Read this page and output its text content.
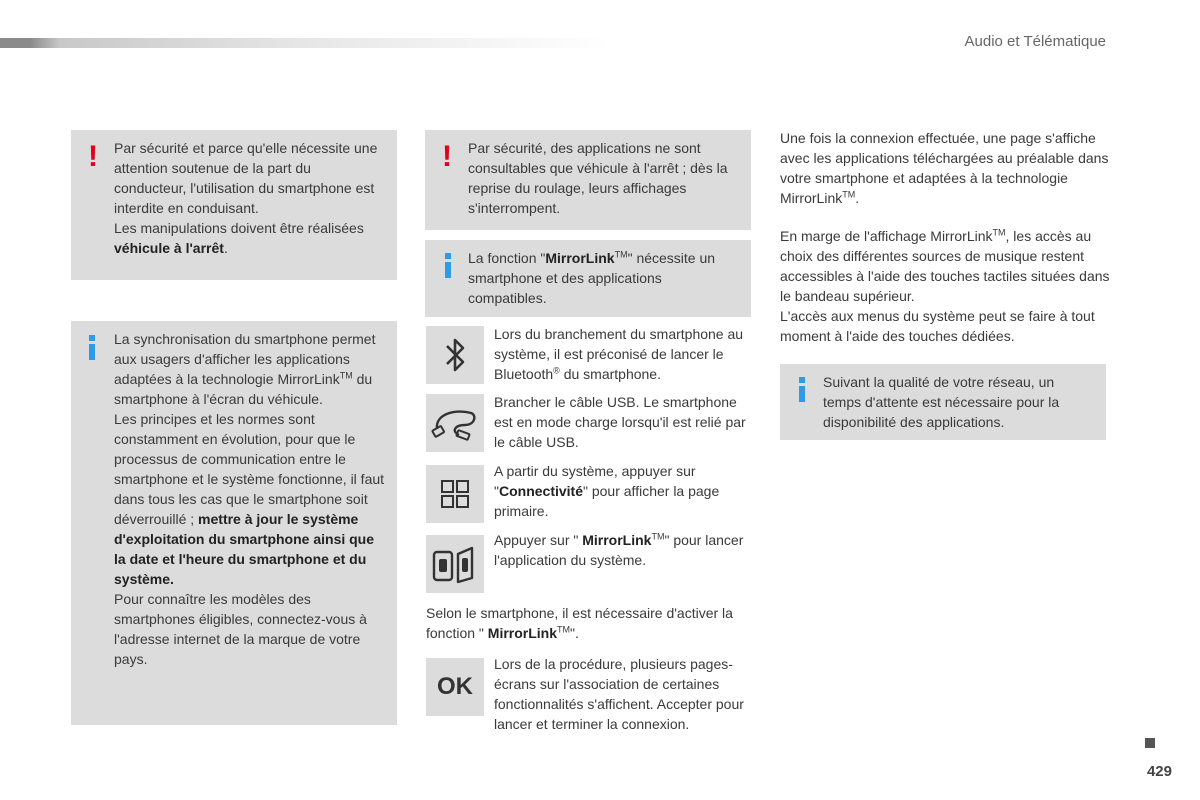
Audio et Télématique
! Par sécurité et parce qu'elle nécessite une attention soutenue de la part du conducteur, l'utilisation du smartphone est interdite en conduisant.

Les manipulations doivent être réalisées véhicule à l'arrêt.

La synchronisation du smartphone permet aux usagers d'afficher les applications adaptées à la technologie MirrorLink™ du smartphone à l'écran du véhicule.

Les principes et les normes sont constamment en évolution, pour que le processus de communication entre le smartphone et le système fonctionne, il faut dans tous les cas que le smartphone soit déverrouillé ; mettre à jour le système d'exploitation du smartphone ainsi que la date et l'heure du smartphone et du système.

Pour connaître les modèles des smartphones éligibles, connectez-vous à l'adresse internet de la marque de votre pays.

! Par sécurité, des applications ne sont consultables que véhicule à l'arrêt ; dès la reprise du roulage, leurs affichages s'interrompent.
La fonction "MirrorLink™" nécessite un smartphone et des applications compatibles.
Lors du branchement du smartphone au système, il est préconisé de lancer le Bluetooth® du smartphone.
Brancher le câble USB. Le smartphone est en mode charge lorsqu'il est relié par le câble USB.
A partir du système, appuyer sur "Connectivité" pour afficher la page primaire.
Appuyer sur " MirrorLink™" pour lancer l'application du système.
Selon le smartphone, il est nécessaire d'activer la fonction " MirrorLink™".
OK
Lors de la procédure, plusieurs pages-écrans sur l'association de certaines fonctionnalités s'affichent. Accepter pour lancer et terminer la connexion.
Une fois la connexion effectuée, une page s'affiche avec les applications téléchargées au préalable dans votre smartphone et adaptées à la technologie MirrorLink™.

En marge de l'affichage MirrorLink™, les accès au choix des différentes sources de musique restent accessibles à l'aide des touches tactiles situées dans le bandeau supérieur.

L'accès aux menus du système peut se faire à tout moment à l'aide des touches dédiées.

Suivant la qualité de votre réseau, un temps d'attente est nécessaire pour la disponibilité des applications.
429
